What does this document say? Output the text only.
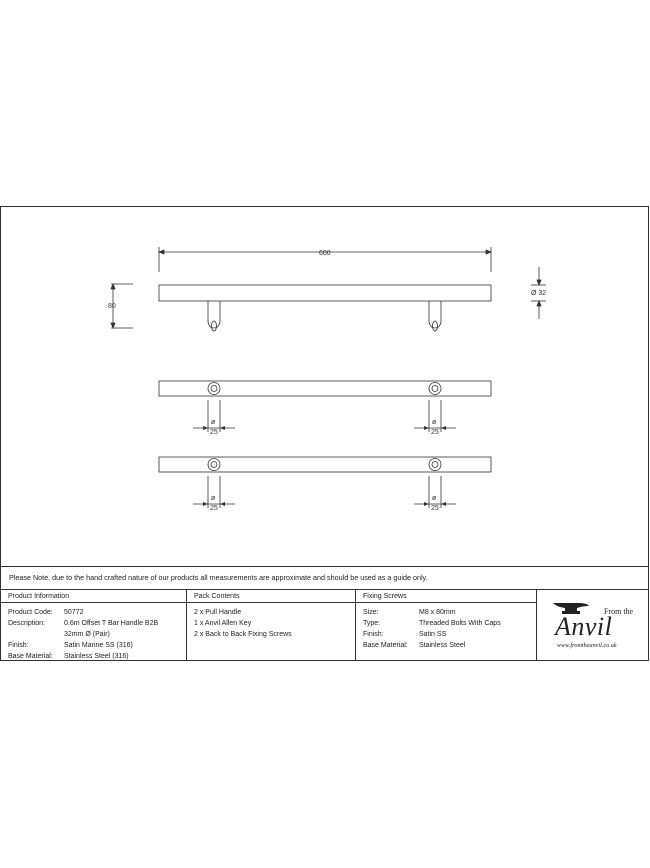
600
80
Ø 32
ø
25
ø
25
ø
25
ø
25
Please Note, due to the hand crafted nature of our products all measurements are approximate and should be used as a guide only.
Product Information
Product Code:	50772
Description:	0.6m Offset T Bar Handle B2B
32mm Ø (Pair)
Finish:	Satin Marine SS (316)
Base Material:	Stainless Steel (316)
Pack Contents
2 x Pull Handle
1 x Anvil Allen Key
2 x Back to Back Fixing Screws
Fixing Screws
Size:	M8 x 80mm
Type:	Threaded Bolts With Caps
Finish:	Satin SS
Base Material:	Stainless Steel
From the
Anvil
www.fromtheanvil.co.uk
